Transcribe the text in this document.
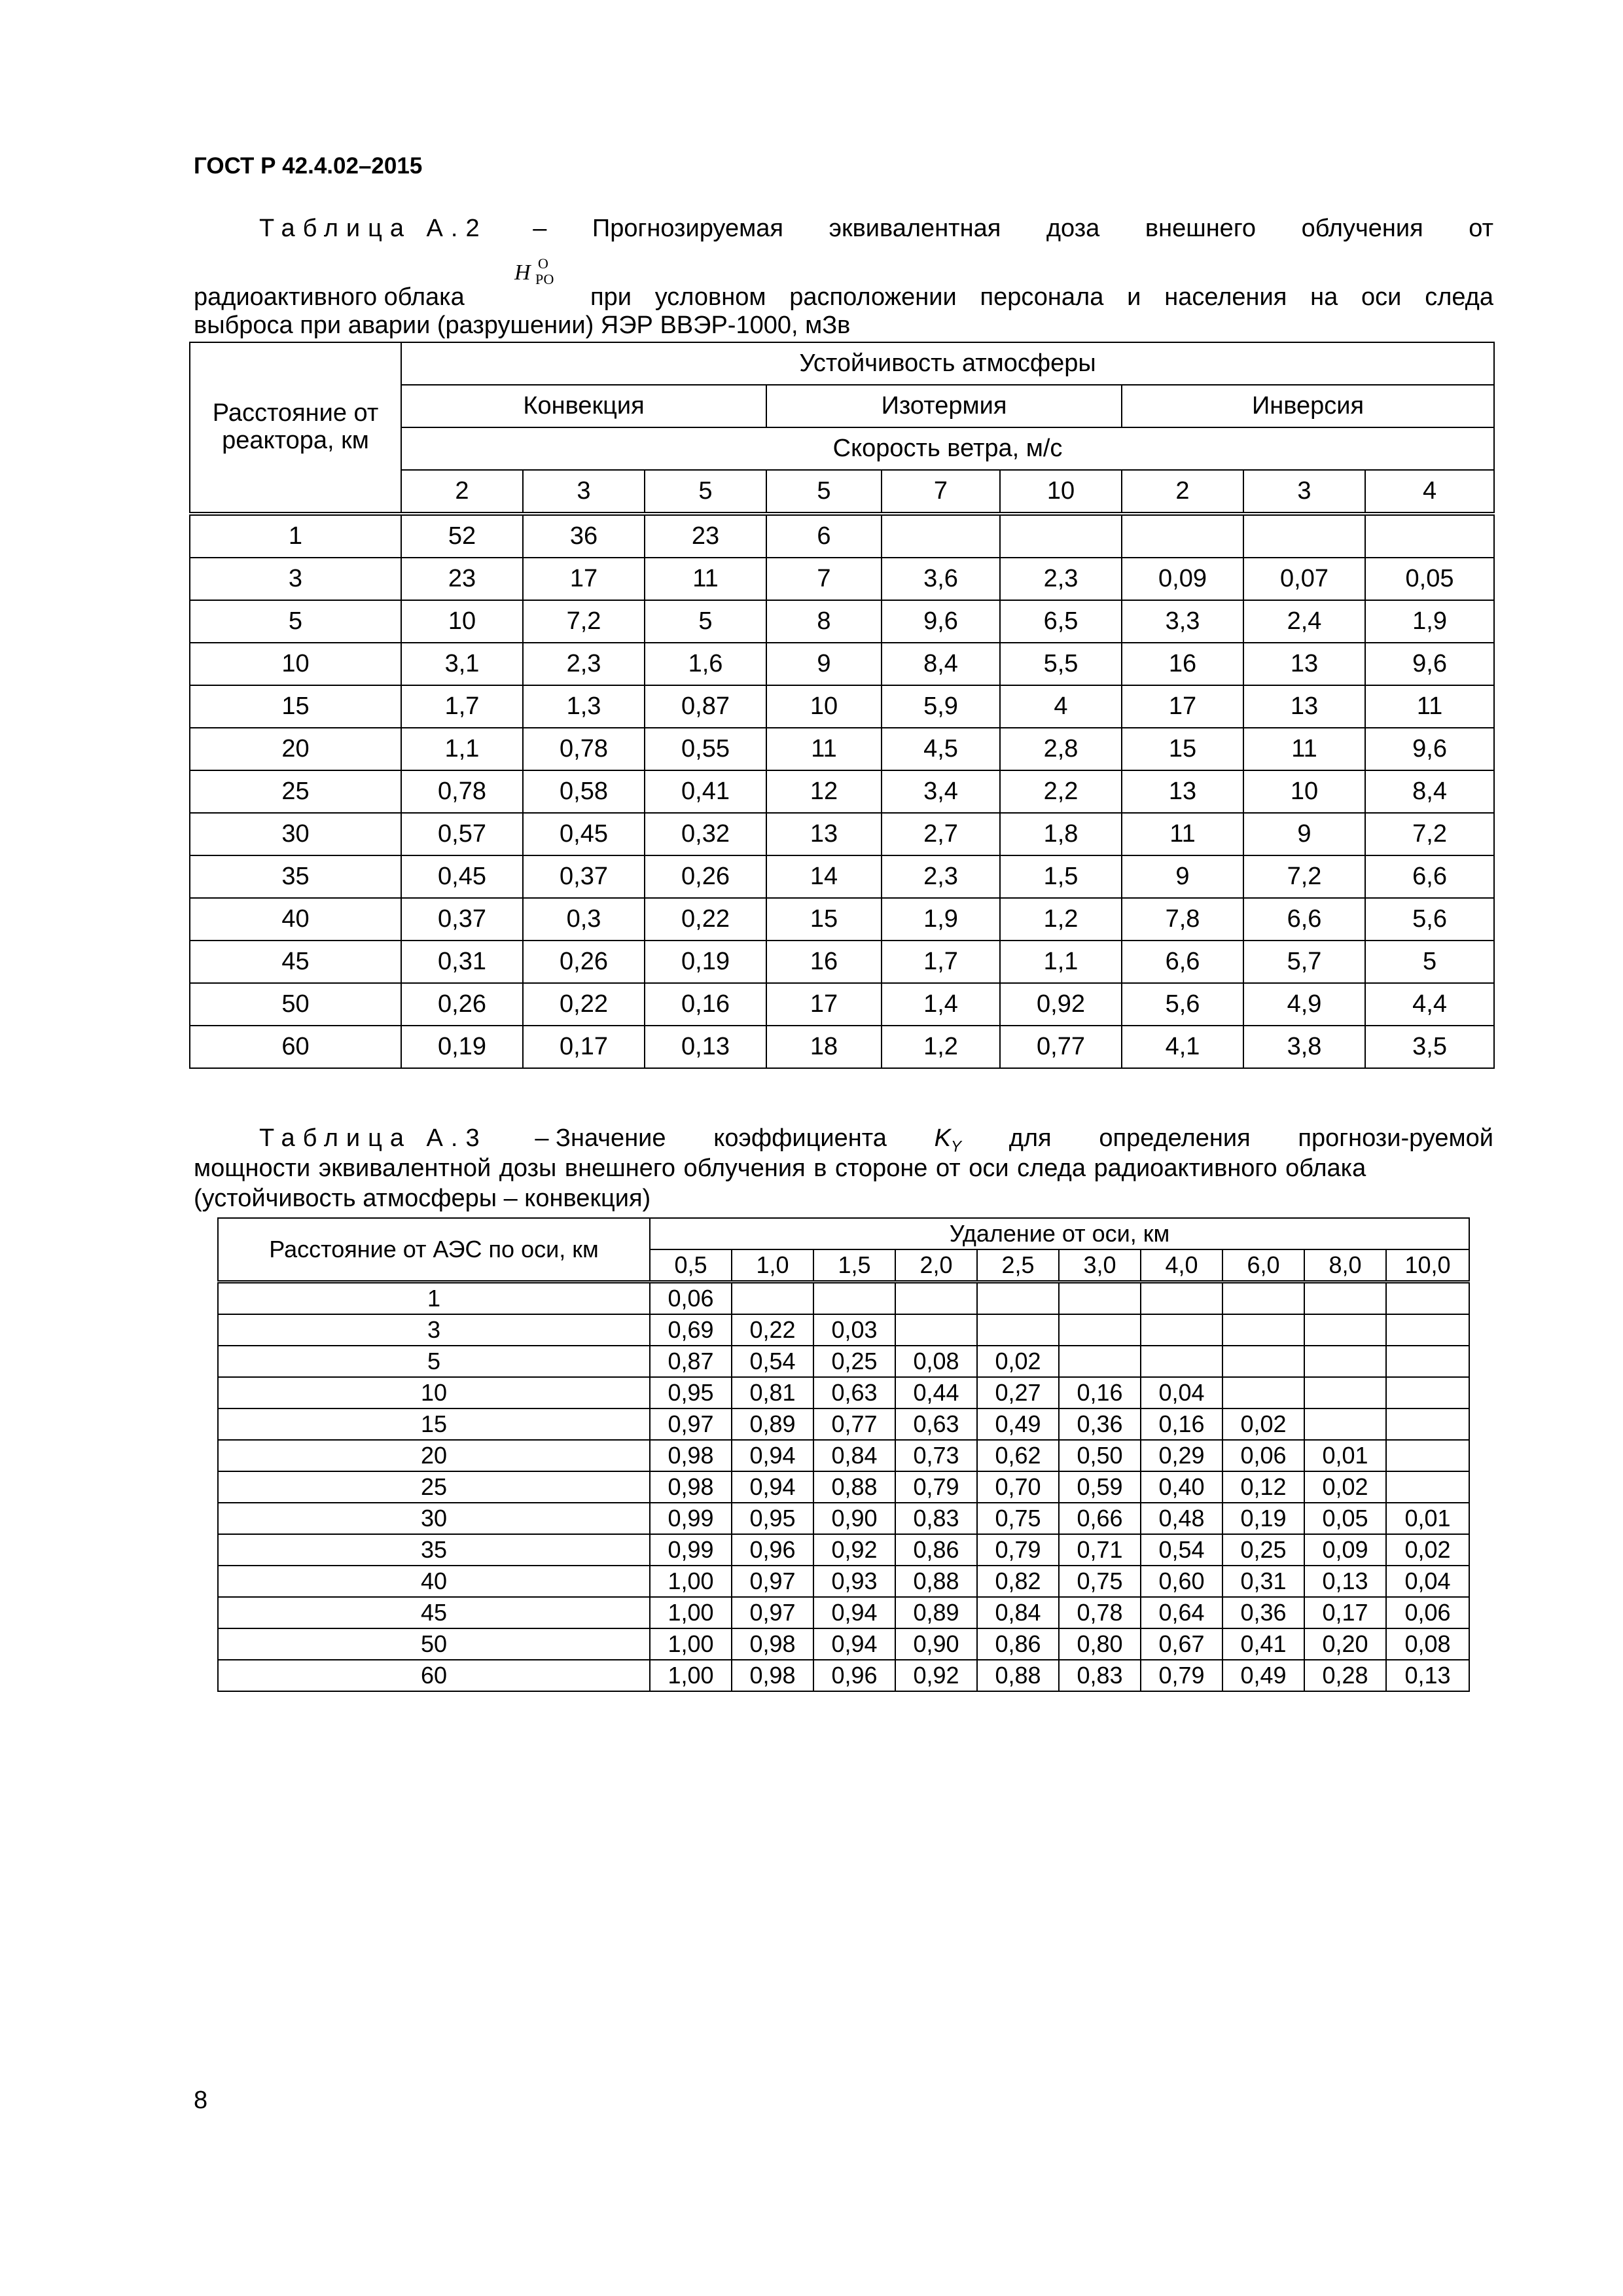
ГОСТ Р 42.4.02–2015
Таблица А.2 – Прогнозируемая эквивалентная доза внешнего облучения от
радиоактивного облака
H О
РО
при условном расположении персонала и населения на оси следа
выброса при аварии (разрушении) ЯЭР ВВЭР-1000, мЗв
Расстояние от реактора, км	Устойчивость атмосферы								
	Конвекция			Изотермия			Инверсия		
	Скорость ветра, м/с								
	2	3	5	5	7	10	2	3	4
1	52	36	23	6					
3	23	17	11	7	3,6	2,3	0,09	0,07	0,05
5	10	7,2	5	8	9,6	6,5	3,3	2,4	1,9
10	3,1	2,3	1,6	9	8,4	5,5	16	13	9,6
15	1,7	1,3	0,87	10	5,9	4	17	13	11
20	1,1	0,78	0,55	11	4,5	2,8	15	11	9,6
25	0,78	0,58	0,41	12	3,4	2,2	13	10	8,4
30	0,57	0,45	0,32	13	2,7	1,8	11	9	7,2
35	0,45	0,37	0,26	14	2,3	1,5	9	7,2	6,6
40	0,37	0,3	0,22	15	1,9	1,2	7,8	6,6	5,6
45	0,31	0,26	0,19	16	1,7	1,1	6,6	5,7	5
50	0,26	0,22	0,16	17	1,4	0,92	5,6	4,9	4,4
60	0,19	0,17	0,13	18	1,2	0,77	4,1	3,8	3,5
Таблица А.3 – Значение коэффициента $K_Y$ для определения прогнози-руемой
мощности эквивалентной дозы внешнего облучения в стороне от оси следа радиоактивного облака
(устойчивость атмосферы – конвекция)
Расстояние от АЭС по оси, км	Удаление от оси, км									
	0,5	1,0	1,5	2,0	2,5	3,0	4,0	6,0	8,0	10,0
1	0,06									
3	0,69	0,22	0,03							
5	0,87	0,54	0,25	0,08	0,02					
10	0,95	0,81	0,63	0,44	0,27	0,16	0,04			
15	0,97	0,89	0,77	0,63	0,49	0,36	0,16	0,02		
20	0,98	0,94	0,84	0,73	0,62	0,50	0,29	0,06	0,01	
25	0,98	0,94	0,88	0,79	0,70	0,59	0,40	0,12	0,02	
30	0,99	0,95	0,90	0,83	0,75	0,66	0,48	0,19	0,05	0,01
35	0,99	0,96	0,92	0,86	0,79	0,71	0,54	0,25	0,09	0,02
40	1,00	0,97	0,93	0,88	0,82	0,75	0,60	0,31	0,13	0,04
45	1,00	0,97	0,94	0,89	0,84	0,78	0,64	0,36	0,17	0,06
50	1,00	0,98	0,94	0,90	0,86	0,80	0,67	0,41	0,20	0,08
60	1,00	0,98	0,96	0,92	0,88	0,83	0,79	0,49	0,28	0,13
8
